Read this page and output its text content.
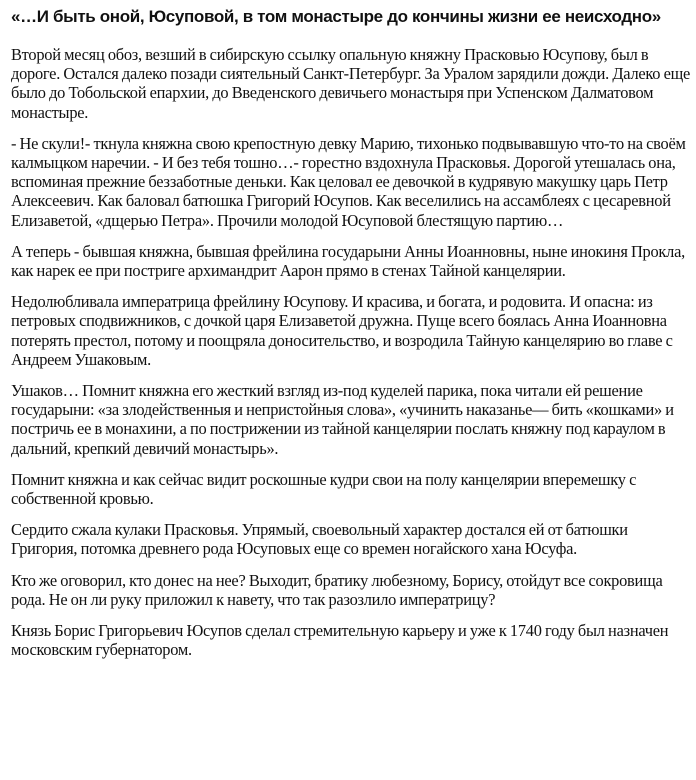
«…И быть оной, Юсуповой, в том монастыре до кончины жизни ее неисходно»
Второй месяц обоз, везший в сибирскую ссылку опальную княжну Прасковью Юсупову, был в дороге. Остался далеко позади сиятельный Санкт-Петербург. За Уралом зарядили дожди. Далеко еще было до Тобольской епархии, до Введенского девичьего монастыря при Успенском Далматовом монастыре.
- Не скули!- ткнула княжна свою крепостную девку Марию, тихонько подвывавшую что-то на своём калмыцком наречии. - И без тебя тошно…- горестно вздохнула Прасковья. Дорогой утешалась она, вспоминая прежние беззаботные деньки. Как целовал ее девочкой в кудрявую макушку царь Петр Алексеевич. Как баловал батюшка Григорий Юсупов. Как веселились на ассамблеях с цесаревной Елизаветой, «дщерью Петра». Прочили молодой Юсуповой блестящую партию…
А теперь - бывшая княжна, бывшая фрейлина государыни Анны Иоанновны, ныне инокиня Прокла, как нарек ее при постриге архимандрит Аарон прямо в стенах Тайной канцелярии.
Недолюбливала императрица фрейлину Юсупову. И красива, и богата, и родовита. И опасна: из петровых сподвижников, с дочкой царя Елизаветой дружна. Пуще всего боялась Анна Иоанновна потерять престол, потому и поощряла доносительство, и возродила Тайную канцелярию во главе с Андреем Ушаковым.
Ушаков… Помнит княжна его жесткий взгляд из-под куделей парика, пока читали ей решение государыни: «за злодейственныя и непристойныя слова», «учинить наказанье— бить «кошками» и постричь ее в монахини, а по пострижении из тайной канцелярии послать княжну под караулом в дальний, крепкий девичий монастырь».
Помнит княжна и как сейчас видит роскошные кудри свои на полу канцелярии вперемешку с собственной кровью.
Сердито сжала кулаки Прасковья. Упрямый, своевольный характер достался ей от батюшки Григория, потомка древнего рода Юсуповых еще со времен ногайского хана Юсуфа.
Кто же оговорил, кто донес на нее? Выходит, братику любезному, Борису, отойдут все сокровища рода. Не он ли руку приложил к навету, что так разозлило императрицу?
Князь Борис Григорьевич Юсупов сделал стремительную карьеру и уже к 1740 году был назначен московским губернатором.
